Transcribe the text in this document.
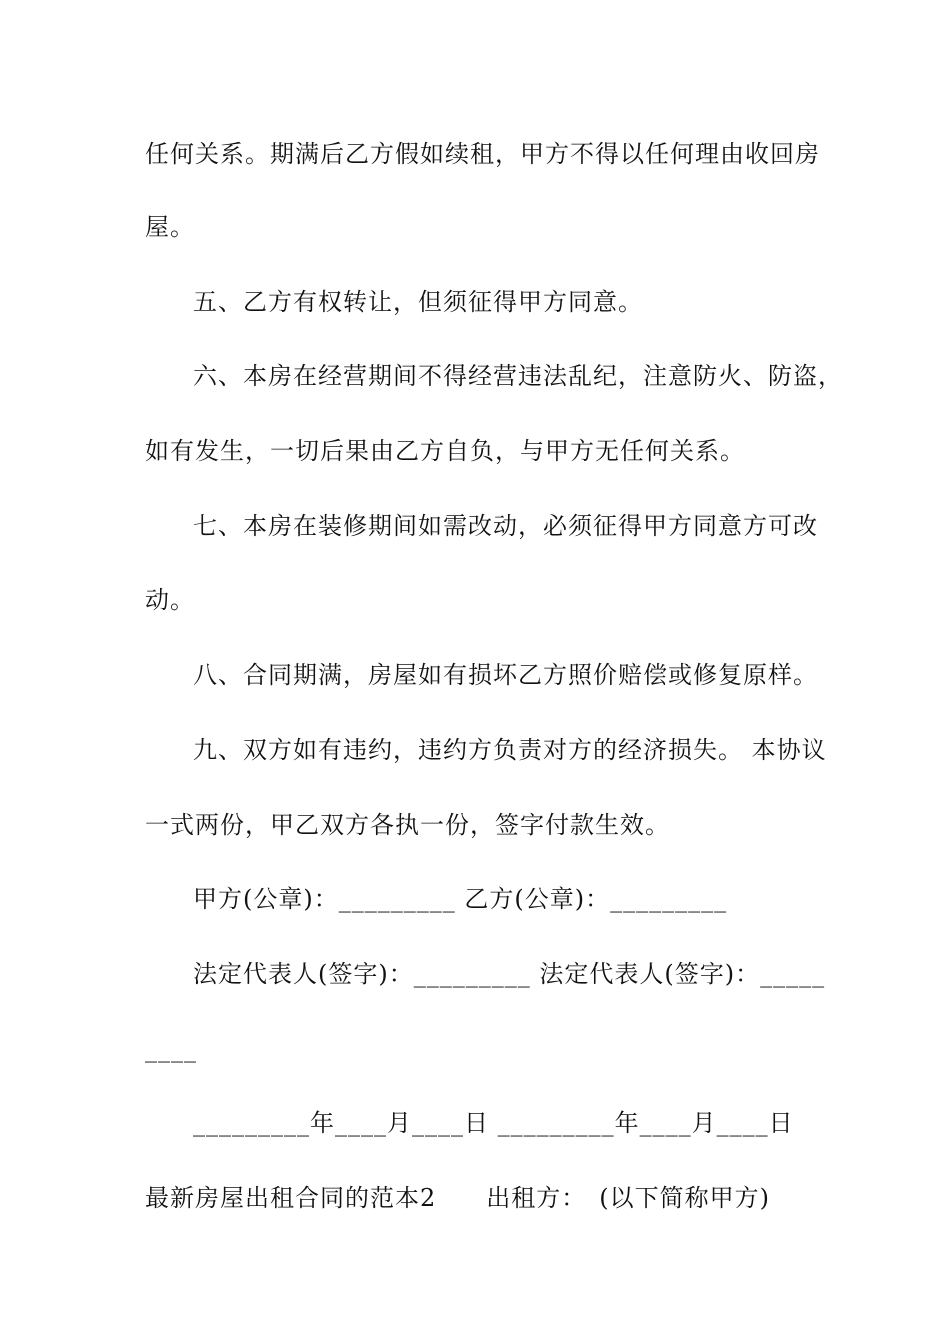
任何关系。期满后乙方假如续租，甲方不得以任何理由收回房
屋。
五、乙方有权转让，但须征得甲方同意。
六、本房在经营期间不得经营违法乱纪，注意防火、防盗，
如有发生，一切后果由乙方自负，与甲方无任何关系。
七、本房在装修期间如需改动，必须征得甲方同意方可改
动。
八、合同期满，房屋如有损坏乙方照价赔偿或修复原样。
九、双方如有违约，违约方负责对方的经济损失。 本协议
一式两份，甲乙双方各执一份，签字付款生效。
甲方(公章)：_________ 乙方(公章)：_________
法定代表人(签字)：_________ 法定代表人(签字)：_____
____
_________年____月____日 _________年____月____日
最新房屋出租合同的范本2　　出租方：　(以下简称甲方)
